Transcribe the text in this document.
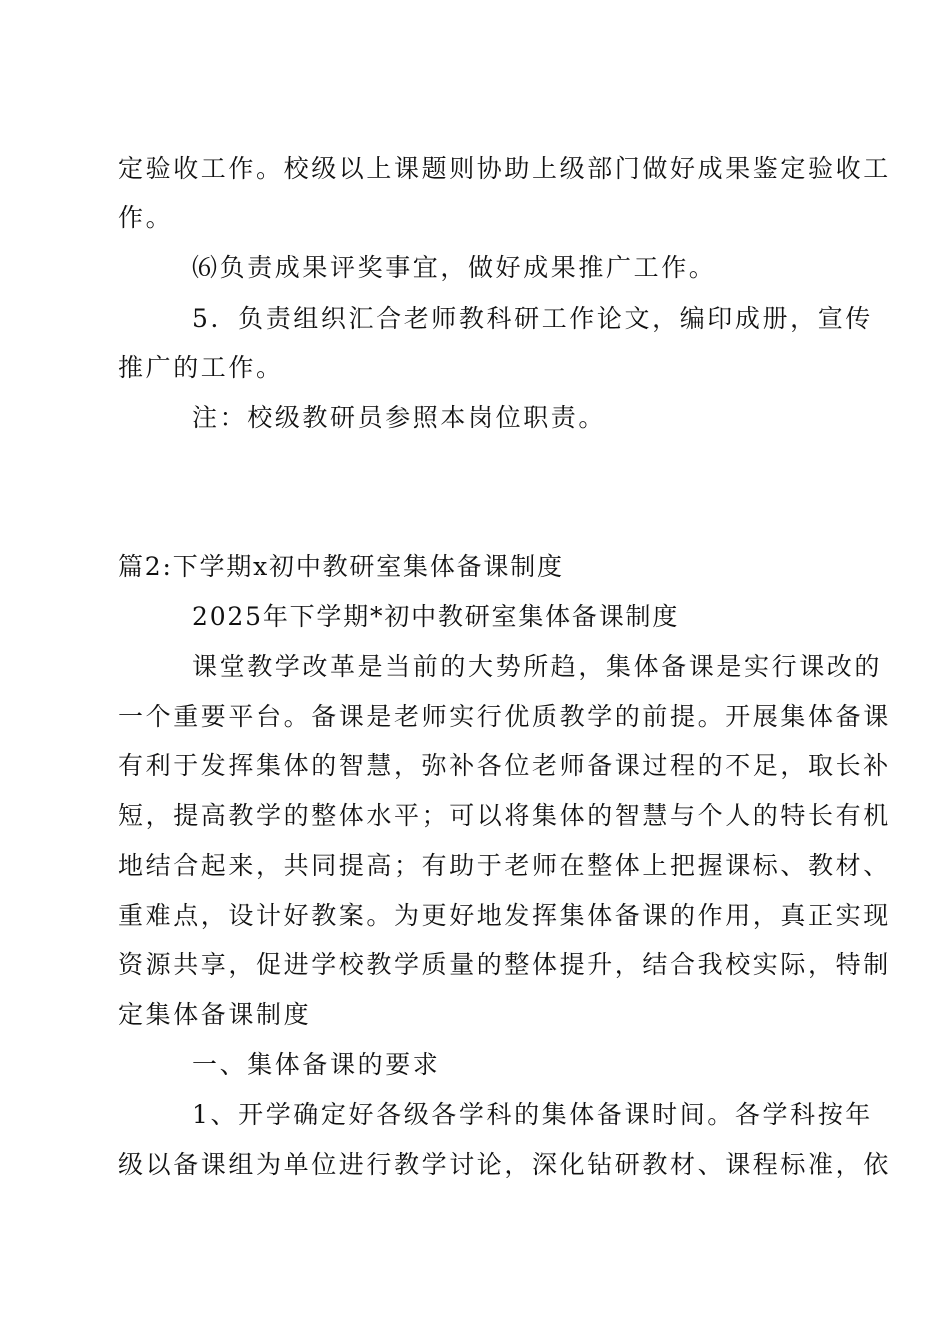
定验收工作。校级以上课题则协助上级部门做好成果鉴定验收工
作。
⑹负责成果评奖事宜，做好成果推广工作。
5．负责组织汇合老师教科研工作论文，编印成册，宣传
推广的工作。
注：校级教研员参照本岗位职责。
篇2:下学期x初中教研室集体备课制度
2025年下学期*初中教研室集体备课制度
课堂教学改革是当前的大势所趋，集体备课是实行课改的
一个重要平台。备课是老师实行优质教学的前提。开展集体备课
有利于发挥集体的智慧，弥补各位老师备课过程的不足，取长补
短，提高教学的整体水平；可以将集体的智慧与个人的特长有机
地结合起来，共同提高；有助于老师在整体上把握课标、教材、
重难点，设计好教案。为更好地发挥集体备课的作用，真正实现
资源共享，促进学校教学质量的整体提升，结合我校实际，特制
定集体备课制度
一、集体备课的要求
1、开学确定好各级各学科的集体备课时间。各学科按年
级以备课组为单位进行教学讨论，深化钻研教材、课程标准，依
